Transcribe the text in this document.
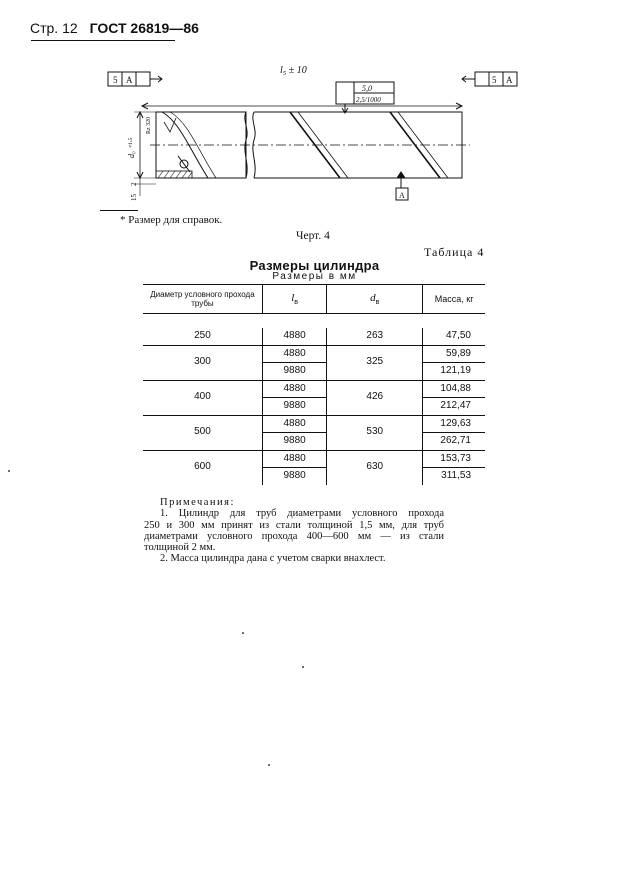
Стр. 12 ГОСТ 26819—86
5 A	5 A
l₅ ± 10
5,0
2,5/1000
A
d₀ ⁺¹·⁵
Rz 320
2
15
* Размер для справок.
Черт. 4
Таблица 4
Размеры цилиндра
Размеры в мм
Диаметр условного прохода трубы	$l_в$	$d_в$	Масса, кг

250	4880	263	47,50
300	4880	325	59,89
	9880		121,19
400	4880	426	104,88
	9880		212,47
500	4880	530	129,63
	9880		262,71
600	4880	630	153,73
	9880		311,53

Примечания:
1. Цилиндр для труб диаметрами условного прохода
250 и 300 мм принят из стали толщиной 1,5 мм, для труб
диаметрами условного прохода 400—600 мм — из стали
толщиной 2 мм.
2. Масса цилиндра дана с учетом сварки внахлест.
